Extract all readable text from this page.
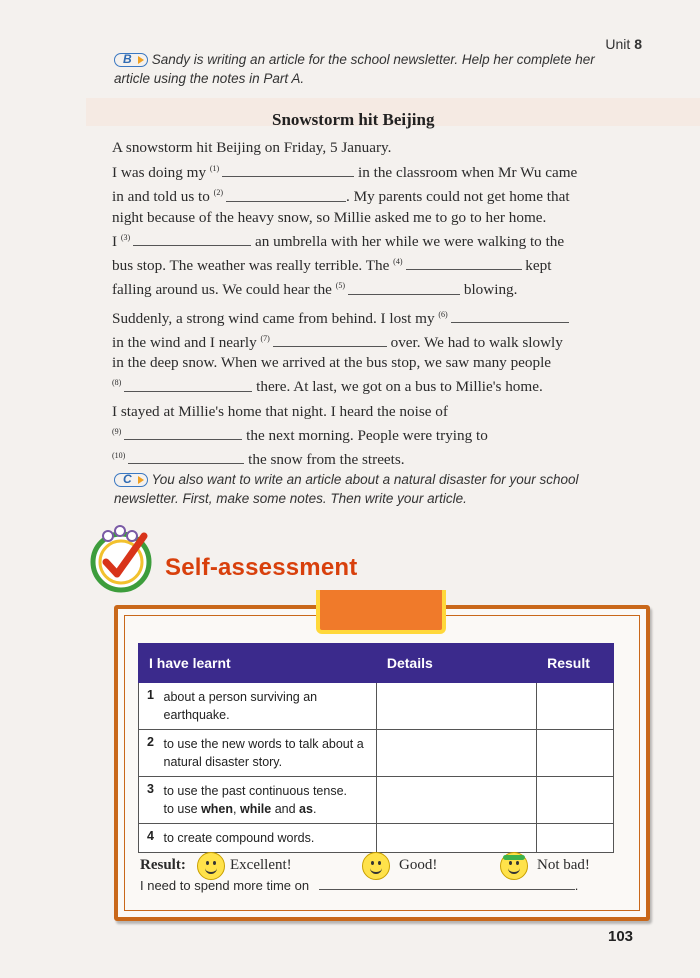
Unit 8
B Sandy is writing an article for the school newsletter. Help her complete her
article using the notes in Part A.
Snowstorm hit Beijing

A snowstorm hit Beijing on Friday, 5 January.

I was doing my $^{(1)}$	in the classroom when Mr Wu came
in and told us to $^{(2)}$	. My parents could not get home that
night because of the heavy snow, so Millie asked me to go to her home.
I $^{(3)}$	an umbrella with her while we were walking to the
bus stop. The weather was really terrible. The $^{(4)}$	kept
falling around us. We could hear the $^{(5)}$	blowing.

Suddenly, a strong wind came from behind. I lost my $^{(6)}$
in the wind and I nearly $^{(7)}$	over. We had to walk slowly
in the deep snow. When we arrived at the bus stop, we saw many people
$^{(8)}$	there. At last, we got on a bus to Millie's home.

I stayed at Millie's home that night. I heard the noise of
$^{(9)}$	the next morning. People were trying to
$^{(10)}$	the snow from the streets.

C You also want to write an article about a natural disaster for your school
newsletter. First, make some notes. Then write your article.
Self-assessment
I have learnt		Details	Result
1	about a person surviving an earthquake.		
2	to use the new words to talk about a natural disaster story.		
3	to use the past continuous tense.
to use when, while and as.		
4	to create compound words.		
Result:	Excellent!	Good!	Not bad!
I need to spend more time on	.
103
